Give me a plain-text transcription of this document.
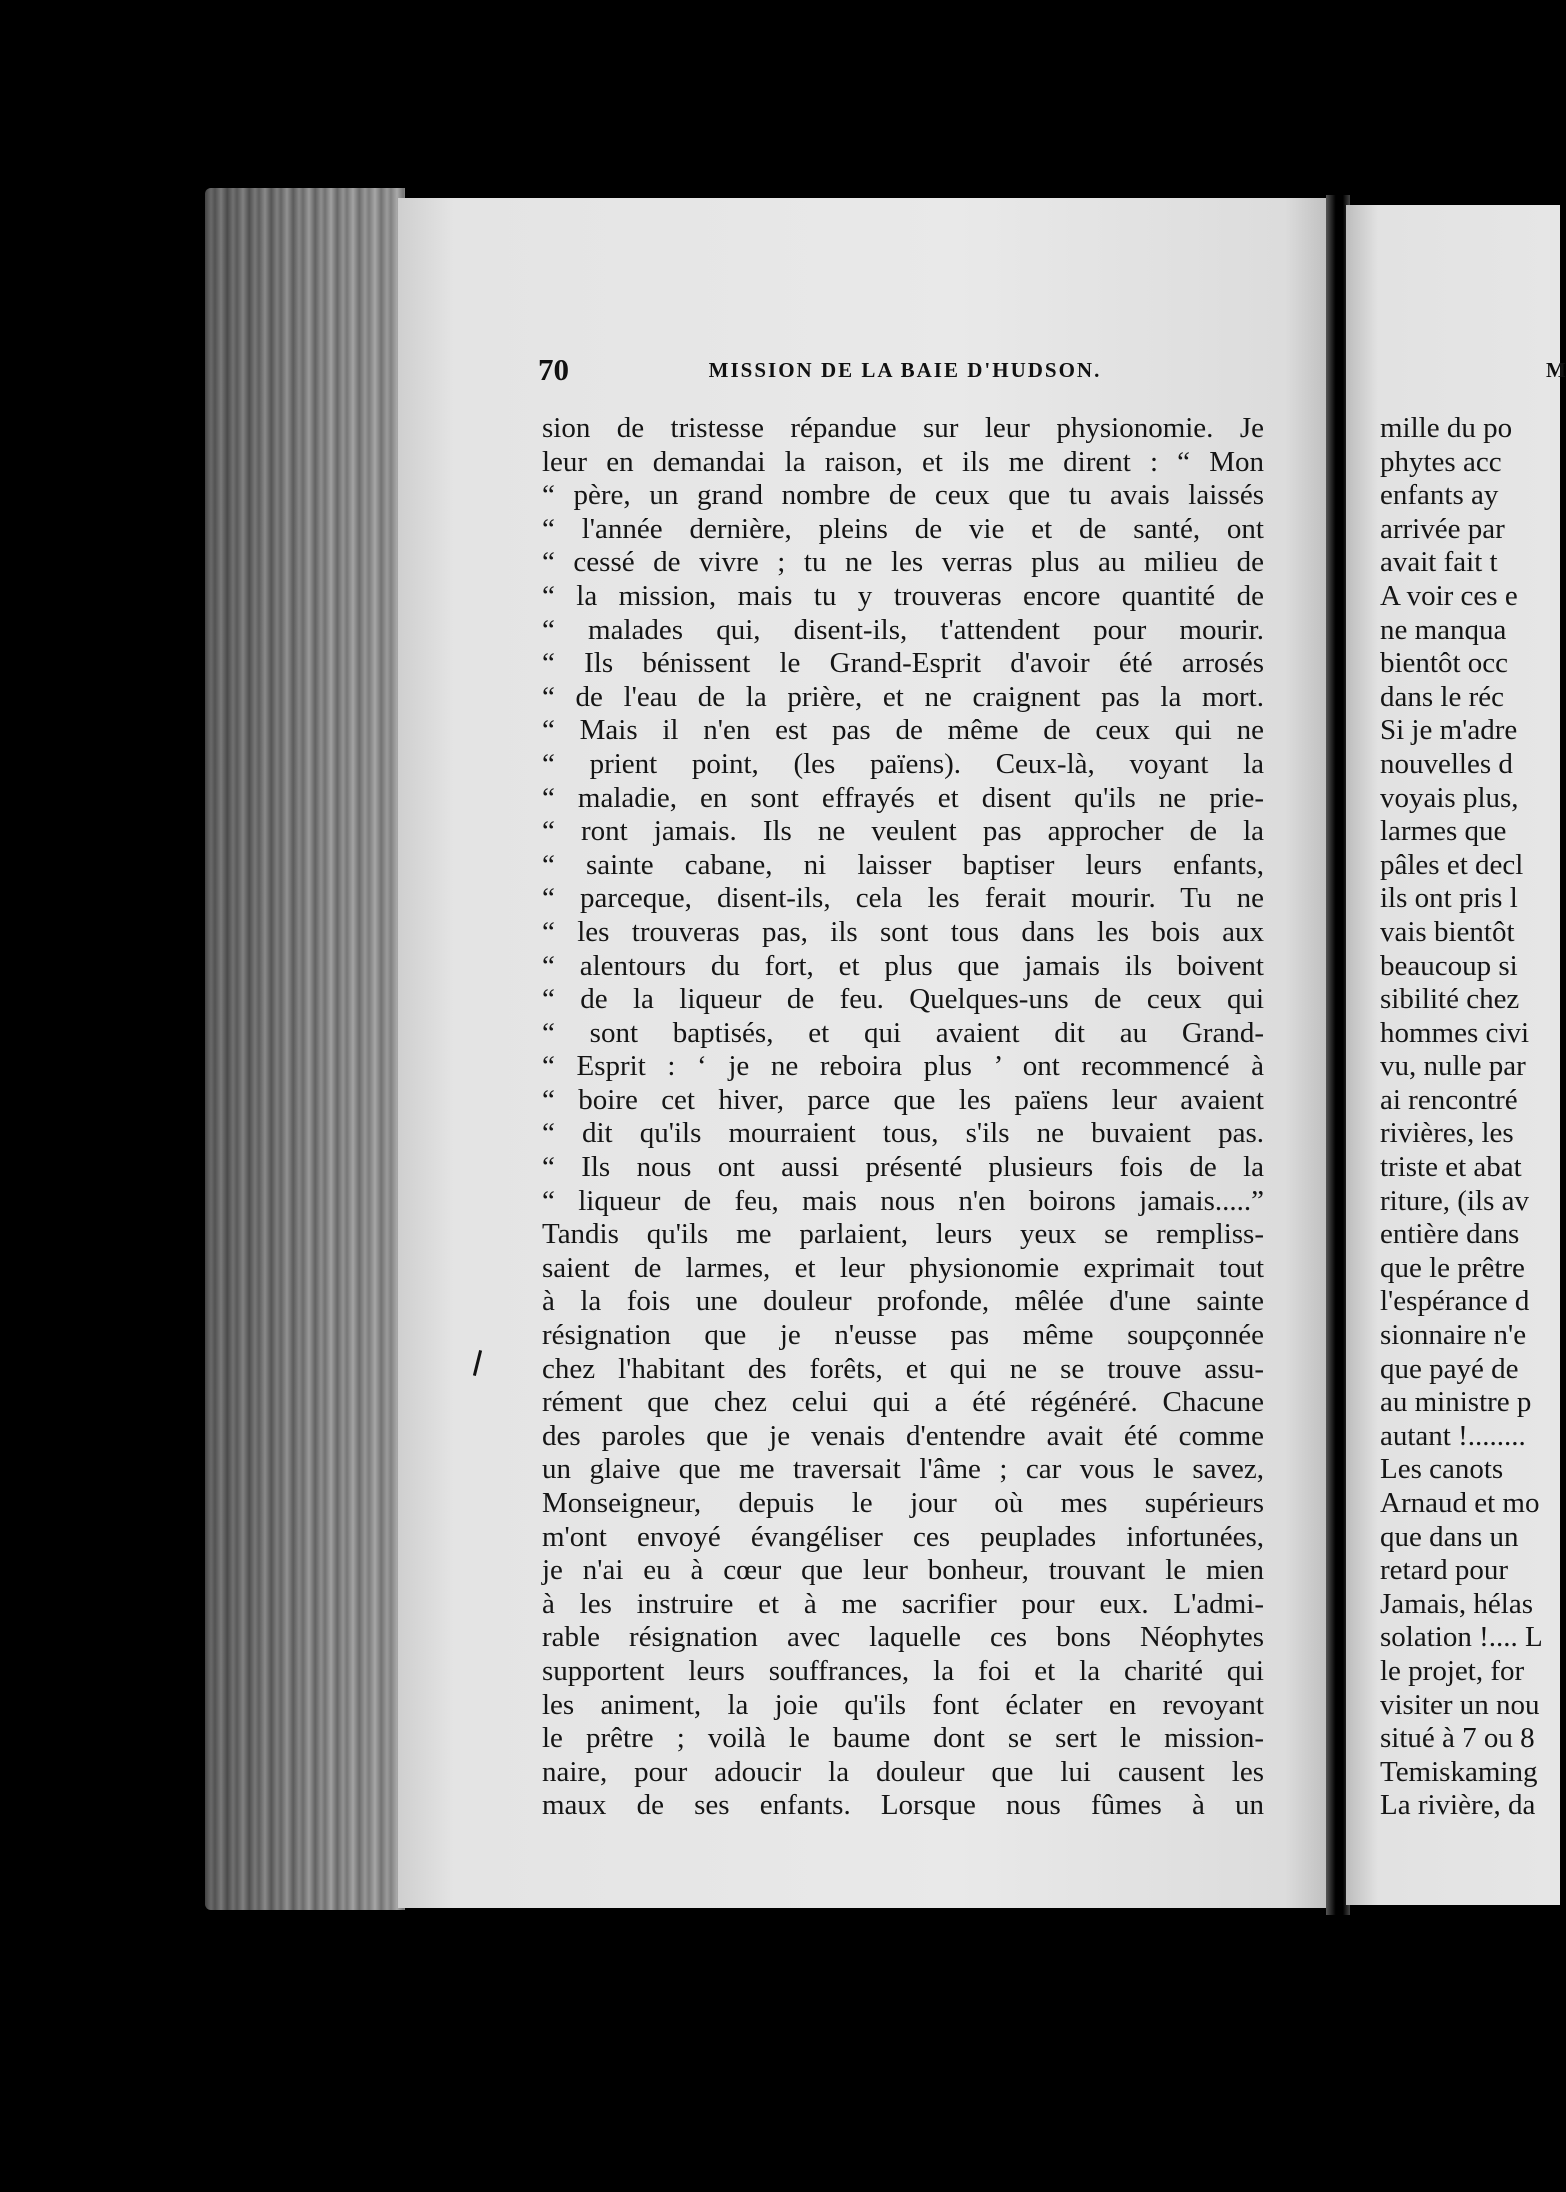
70	MISSION DE LA BAIE D'HUDSON.	M
sion de tristesse répandue sur leur physionomie. Je
leur en demandai la raison, et ils me dirent : “ Mon
“ père, un grand nombre de ceux que tu avais laissés
“ l'année dernière, pleins de vie et de santé, ont
“ cessé de vivre ; tu ne les verras plus au milieu de
“ la mission, mais tu y trouveras encore quantité de
“ malades qui, disent-ils, t'attendent pour mourir.
“ Ils bénissent le Grand-Esprit d'avoir été arrosés
“ de l'eau de la prière, et ne craignent pas la mort.
“ Mais il n'en est pas de même de ceux qui ne
“ prient point, (les païens). Ceux-là, voyant la
“ maladie, en sont effrayés et disent qu'ils ne prie-
“ ront jamais. Ils ne veulent pas approcher de la
“ sainte cabane, ni laisser baptiser leurs enfants,
“ parceque, disent-ils, cela les ferait mourir. Tu ne
“ les trouveras pas, ils sont tous dans les bois aux
“ alentours du fort, et plus que jamais ils boivent
“ de la liqueur de feu. Quelques-uns de ceux qui
“ sont baptisés, et qui avaient dit au Grand-
“ Esprit : ‘ je ne reboira plus ’ ont recommencé à
“ boire cet hiver, parce que les païens leur avaient
“ dit qu'ils mourraient tous, s'ils ne buvaient pas.
“ Ils nous ont aussi présenté plusieurs fois de la
“ liqueur de feu, mais nous n'en boirons jamais.....”
Tandis qu'ils me parlaient, leurs yeux se rempliss-
saient de larmes, et leur physionomie exprimait tout
à la fois une douleur profonde, mêlée d'une sainte
résignation que je n'eusse pas même soupçonnée
chez l'habitant des forêts, et qui ne se trouve assu-
rément que chez celui qui a été régénéré. Chacune
des paroles que je venais d'entendre avait été comme
un glaive que me traversait l'âme ; car vous le savez,
Monseigneur, depuis le jour où mes supérieurs
m'ont envoyé évangéliser ces peuplades infortunées,
je n'ai eu à cœur que leur bonheur, trouvant le mien
à les instruire et à me sacrifier pour eux. L'admi-
rable résignation avec laquelle ces bons Néophytes
supportent leurs souffrances, la foi et la charité qui
les animent, la joie qu'ils font éclater en revoyant
le prêtre ; voilà le baume dont se sert le mission-
naire, pour adoucir la douleur que lui causent les
maux de ses enfants. Lorsque nous fûmes à un
mille du po
phytes acc
enfants ay
arrivée par
avait fait t
A voir ces e
ne manqua
bientôt occ
dans le réc
Si je m'adre
nouvelles d
voyais plus,
larmes que
pâles et decl
ils ont pris l
vais bientôt
beaucoup si
sibilité chez
hommes civi
vu, nulle par
ai rencontré
rivières, les
triste et abat
riture, (ils av
entière dans
que le prêtre
l'espérance d
sionnaire n'e
que payé de
au ministre p
autant !........
Les canots
Arnaud et mo
que dans un
retard pour
Jamais, hélas
solation !.... L
le projet, for
visiter un nou
situé à 7 ou 8
Temiskaming
La rivière, da
